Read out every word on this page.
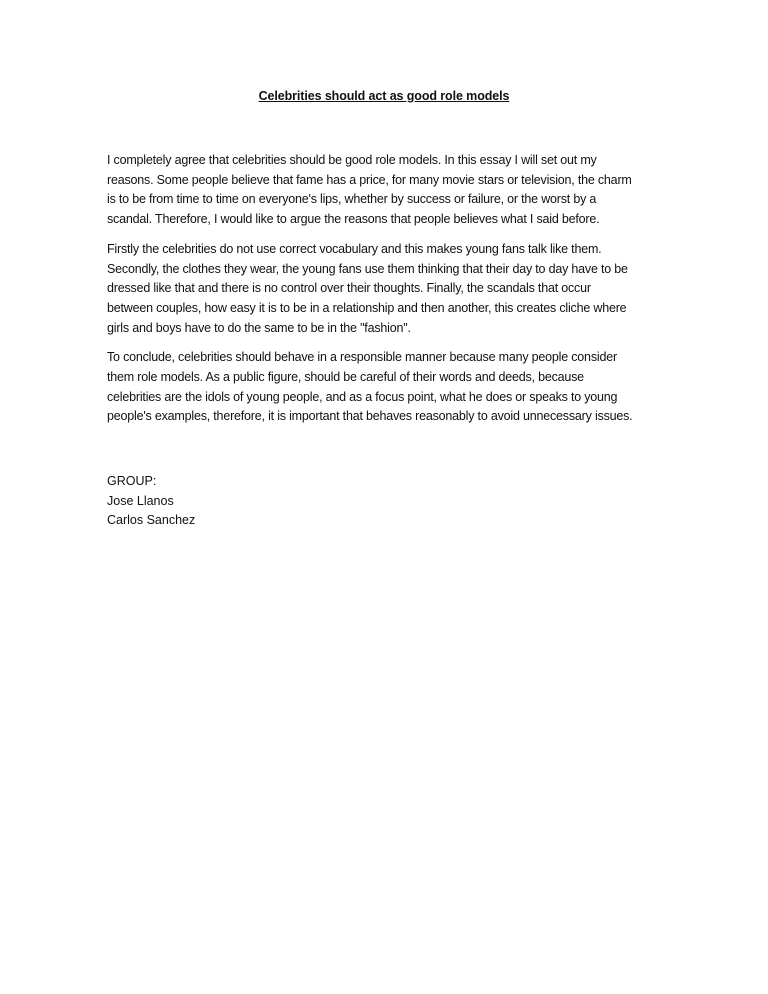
Celebrities should act as good role models

I completely agree that celebrities should be good role models. In this essay I will set out my
reasons. Some people believe that fame has a price, for many movie stars or television, the charm
is to be from time to time on everyone's lips, whether by success or failure, or the worst by a
scandal. Therefore, I would like to argue the reasons that people believes what I said before.

Firstly the celebrities do not use correct vocabulary and this makes young fans talk like them.
Secondly, the clothes they wear, the young fans use them thinking that their day to day have to be
dressed like that and there is no control over their thoughts. Finally, the scandals that occur
between couples, how easy it is to be in a relationship and then another, this creates cliche where
girls and boys have to do the same to be in the "fashion".

To conclude, celebrities should behave in a responsible manner because many people consider
them role models. As a public figure, should be careful of their words and deeds, because
celebrities are the idols of young people, and as a focus point, what he does or speaks to young
people's examples, therefore, it is important that behaves reasonably to avoid unnecessary issues.

GROUP:
Jose Llanos
Carlos Sanchez
